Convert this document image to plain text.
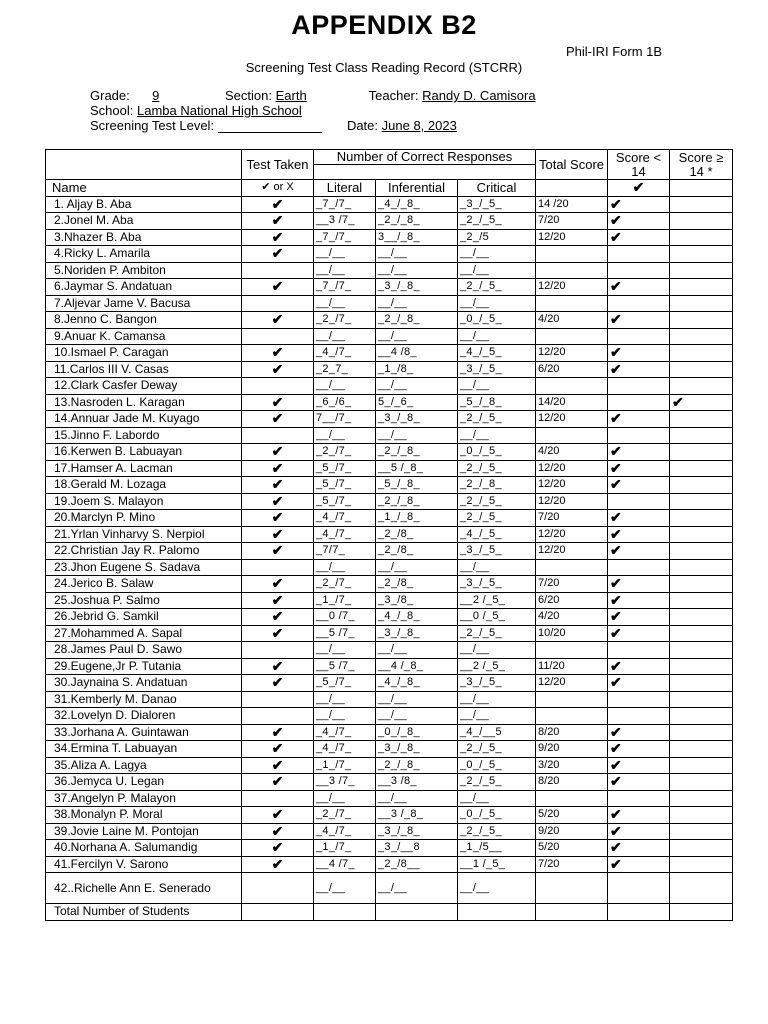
APPENDIX B2
Phil-IRI Form 1B
Screening Test Class Reading Record (STCRR)
Grade: 9	Section: Earth	Teacher: Randy D. Camisora
School: Lamba National High School
Screening Test Level:	Date: June 8, 2023
	Test Taken	Number of Correct Responses			Total Score	Score < 14	Score ≥ 14 *

Name	✔ or X	Literal	Inferential	Critical		✔	
1. Aljay B. Aba	✔	_7_/7_	_4_/_8_	_3_/_5_	14 /20	✔	
2.Jonel M. Aba	✔	__3 /7_	_2_/_8_	_2_/_5_	7/20	✔	
3.Nhazer B. Aba	✔	_7_/7_	3__/_8_	_2_/5	12/20	✔	
4.Ricky L. Amarila	✔	__/__	__/__	__/__			
5.Noriden P. Ambiton		__/__	__/__	__/__			
6.Jaymar S. Andatuan	✔	_7_/7_	_3_/_8_	_2_/_5_	12/20	✔	
7.Aljevar Jame V. Bacusa		__/__	__/__	__/__			
8.Jenno C. Bangon	✔	_2_/7_	_2_/_8_	_0_/_5_	4/20	✔	
9.Anuar K. Camansa		__/__	__/__	__/__			
10.Ismael P. Caragan	✔	_4_/7_	__4 /8_	_4_/_5_	12/20	✔	
11.Carlos III V. Casas	✔	_2_7_	_1_/8_	_3_/_5_	6/20	✔	
12.Clark Casfer Deway		__/__	__/__	__/__			
13.Nasroden L. Karagan	✔	_6_/6_	5_/_6_	_5_/_8_	14/20		✔
14.Annuar Jade M. Kuyago	✔	7__/7_	_3_/_8_	_2_/_5_	12/20	✔	
15.Jinno F. Labordo		__/__	__/__	__/__			
16.Kerwen B. Labuayan	✔	_2_/7_	_2_/_8_	_0_/_5_	4/20	✔	
17.Hamser A. Lacman	✔	_5_/7_	__5 /_8_	_2_/_5_	12/20	✔	
18.Gerald M. Lozaga	✔	_5_/7_	_5_/_8_	_2_/_8_	12/20	✔	
19.Joem S. Malayon	✔	_5_/7_	_2_/_8_	_2_/_5_	12/20		
20.Marclyn P. Mino	✔	_4_/7_	_1_/_8_	_2_/_5_	7/20	✔	
21.Yrlan Vinharvy S. Nerpiol	✔	_4_/7_	_2_/8_	_4_/_5_	12/20	✔	
22.Christian Jay R. Palomo	✔	_7/7_	_2_/8_	_3_/_5_	12/20	✔	
23.Jhon Eugene S. Sadava		__/__	__/__	__/__			
24.Jerico B. Salaw	✔	_2_/7_	_2_/8_	_3_/_5_	7/20	✔	
25.Joshua P. Salmo	✔	_1_/7_	_3_/8_	__2 /_5_	6/20	✔	
26.Jebrid G. Samkil	✔	__0 /7_	_4_/_8_	__0 /_5_	4/20	✔	
27.Mohammed A. Sapal	✔	__5 /7_	_3_/_8_	_2_/_5_	10/20	✔	
28.James Paul D. Sawo		__/__	__/__	__/__			
29.Eugene,Jr P. Tutania	✔	__5 /7_	__4 /_8_	__2 /_5_	11/20	✔	
30.Jaynaina S. Andatuan	✔	_5_/7_	_4_/_8_	_3_/_5_	12/20	✔	
31.Kemberly M. Danao		__/__	__/__	__/__			
32.Lovelyn D. Dialoren		__/__	__/__	__/__			
33.Jorhana A. Guintawan	✔	_4_/7_	_0_/_8_	_4_/__5	8/20	✔	
34.Ermina T. Labuayan	✔	_4_/7_	_3_/_8_	_2_/_5_	9/20	✔	
35.Aliza A. Lagya	✔	_1_/7_	_2_/_8_	_0_/_5_	3/20	✔	
36.Jemyca U. Legan	✔	__3 /7_	__3 /8_	_2_/_5_	8/20	✔	
37.Angelyn P. Malayon		__/__	__/__	__/__			
38.Monalyn P. Moral	✔	_2_/7_	__3 /_8_	_0_/_5_	5/20	✔	
39.Jovie Laine M. Pontojan	✔	_4_/7_	_3_/_8_	_2_/_5_	9/20	✔	
40.Norhana A. Salumandig	✔	_1_/7_	_3_/__8	_1_/5__	5/20	✔	
41.Fercilyn V. Sarono	✔	__4 /7_	_2_/8__	__1 /_5_	7/20	✔	
42..Richelle Ann E. Senerado		__/__	__/__	__/__			
Total Number of Students							
